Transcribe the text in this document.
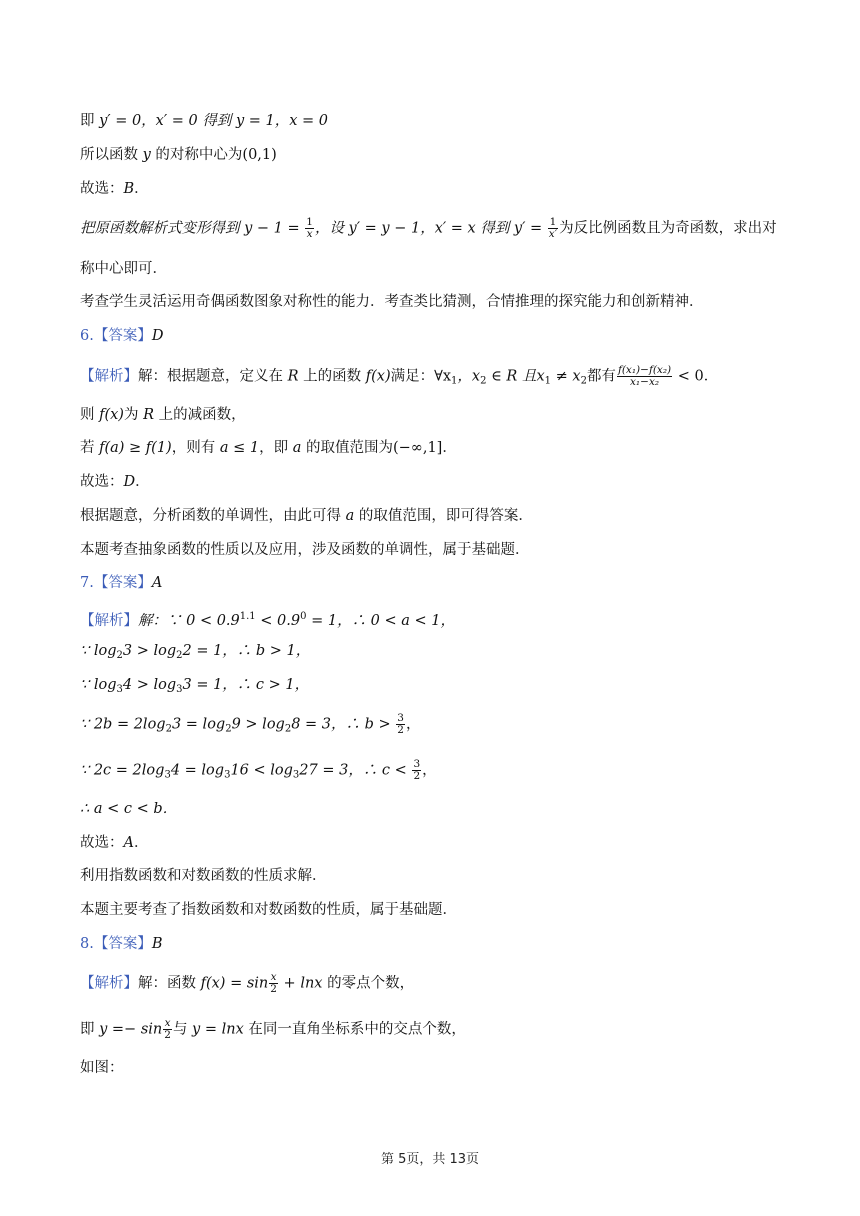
即 y′ = 0，x′ = 0 得到 y = 1，x = 0
所以函数 y 的对称中心为(0,1)
故选：B．
把原函数解析式变形得到 $y - 1 = \frac{1}{x}$ ，设 y′ = y − 1，x′ = x 得到 $y' = \frac{1}{x'}$ 为反比例函数且为奇函数，求出对
称中心即可．
考查学生灵活运用奇偶函数图象对称性的能力．考查类比猜测，合情推理的探究能力和创新精神．
6.【答案】D
【解析】解：根据题意，定义在 R 上的函数 f(x)满足：$\forall x_1$，$x_2$ ∈ R 且$x_1 \ne x_2$都有 $\frac{\text{f(x₁)−f(x₂)}}{\text{x₁−x₂}} < 0$．
则 f(x)为 R 上的减函数，
若 f(a) ≥ f(1)，则有 a ≤ 1，即 a 的取值范围为(−∞,1]．
故选：D．
根据题意，分析函数的单调性，由此可得 a 的取值范围，即可得答案．
本题考查抽象函数的性质以及应用，涉及函数的单调性，属于基础题．
7.【答案】A
【解析】解：∵ $0 < 0.9^{1.1} < 0.9^0 = 1$，∴ 0 < a < 1，
∵ $\log_23 > \log_22 = 1$，∴ b > 1，
∵ $\log_34 > \log_33 = 1$，∴ c > 1，
∵ $2b = 2\log_23 = \log_29 > \log_28 = 3$，∴ $b > \frac{3}{2}$ ，
∵ $2c = 2\log_34 = \log_316 < \log_327 = 3$，∴ $c < \frac{3}{2}$ ，
∴ a < c < b．
故选：A．
利用指数函数和对数函数的性质求解．
本题主要考查了指数函数和对数函数的性质，属于基础题．
8.【答案】B
【解析】解：函数 $f(x) = \sin \frac{x}{2} + \ln x$ 的零点个数，
即 $y =- \sin \frac{x}{2}$ 与 y = lnx 在同一直角坐标系中的交点个数，
如图：
第 5页，共 13页
